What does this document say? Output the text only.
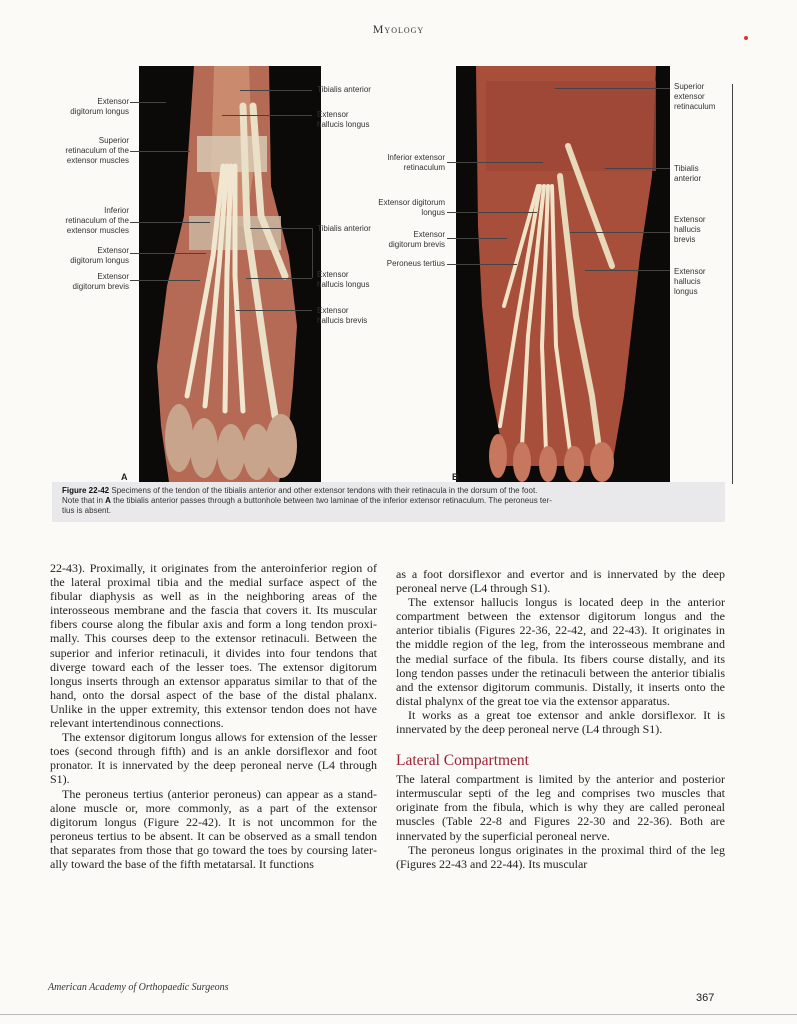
Myology
A	B
Extensor
digitorum longus
Superior
retinaculum of the
extensor muscles
Inferior
retinaculum of the
extensor muscles
Extensor
digitorum longus
Extensor
digitorum brevis
Tibialis anterior
Extensor
hallucis longus
Tibialis anterior
Extensor
hallucis longus
Extensor
hallucis brevis
Inferior extensor
retinaculum
Extensor digitorum
longus
Extensor
digitorum brevis
Peroneus tertius
Superior
extensor
retinaculum
Tibialis
anterior
Extensor
hallucis
brevis
Extensor
hallucis
longus
Figure 22-42 Specimens of the tendon of the tibialis anterior and other extensor tendons with their retinacula in the dorsum of the foot.
Note that in A the tibialis anterior passes through a buttonhole between two laminae of the inferior extensor retinaculum. The peroneus ter-
tius is absent.

22-43). Proximally, it originates from the anteroinferior region of the lateral proximal tibia and the medial surface aspect of the fibular diaphysis as well as in the neighboring areas of the interosseous membrane and the fascia that covers it. Its muscular fibers course along the fibular axis and form a long tendon proximally. This courses deep to the extensor retinaculi. Between the superior and inferior retinaculi, it divides into four tendons that diverge toward each of the lesser toes. The extensor digitorum longus inserts through an extensor apparatus similar to that of the hand, onto the dorsal aspect of the base of the distal phalanx. Unlike in the upper extremity, this extensor tendon does not have relevant intertendinous connections.

The extensor digitorum longus allows for extension of the lesser toes (second through fifth) and is an ankle dorsiflexor and foot pronator. It is innervated by the deep peroneal nerve (L4 through S1).

The peroneus tertius (anterior peroneus) can appear as a stand-alone muscle or, more commonly, as a part of the extensor digitorum longus (Figure 22-42). It is not uncommon for the peroneus tertius to be absent. It can be observed as a small tendon that separates from those that go toward the toes by coursing laterally toward the base of the fifth metatarsal. It functions

as a foot dorsiflexor and evertor and is innervated by the deep peroneal nerve (L4 through S1).

The extensor hallucis longus is located deep in the anterior compartment between the extensor digitorum longus and the anterior tibialis (Figures 22-36, 22-42, and 22-43). It originates in the middle region of the leg, from the interosseous membrane and the medial surface of the fibula. Its fibers course distally, and its long tendon passes under the retinaculi between the anterior tibialis and the extensor digitorum communis. Distally, it inserts onto the distal phalynx of the great toe via the extensor apparatus.

It works as a great toe extensor and ankle dorsiflexor. It is innervated by the deep peroneal nerve (L4 through S1).

Lateral Compartment

The lateral compartment is limited by the anterior and posterior intermuscular septi of the leg and comprises two muscles that originate from the fibula, which is why they are called peroneal muscles (Table 22-8 and Figures 22-30 and 22-36). Both are innervated by the superficial peroneal nerve.

The peroneus longus originates in the proximal third of the leg (Figures 22-43 and 22-44). Its muscular

American Academy of Orthopaedic Surgeons
367
